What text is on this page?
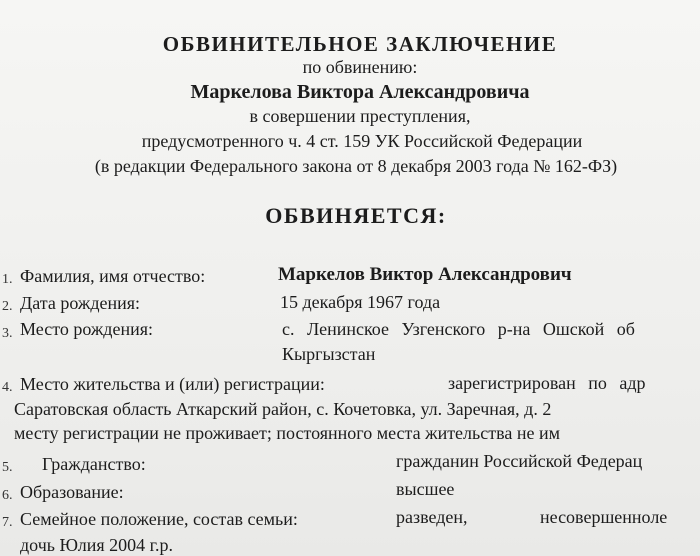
ОБВИНИТЕЛЬНОЕ ЗАКЛЮЧЕНИЕ
по обвинению:
Маркелова Виктора Александровича
в совершении преступления,
предусмотренного ч. 4 ст. 159 УК Российской Федерации
(в редакции Федерального закона от 8 декабря 2003 года № 162-ФЗ)
ОБВИНЯЕТСЯ:
1. Фамилия, имя отчество:	Маркелов Виктор Александрович
2. Дата рождения:	15 декабря 1967 года
3. Место рождения:	с. Ленинское Узгенского р-на Ошской об
Кыргызстан
4. Место жительства и (или) регистрации:	зарегистрирован по адр
Саратовская область Аткарский район, с. Кочетовка, ул. Заречная, д. 2
месту регистрации не проживает; постоянного места жительства не им
5. Гражданство:	гражданин Российской Федерац
6. Образование:	высшее
7. Семейное положение, состав семьи:	разведен,	несовершенноле
дочь Юлия 2004 г.р.
